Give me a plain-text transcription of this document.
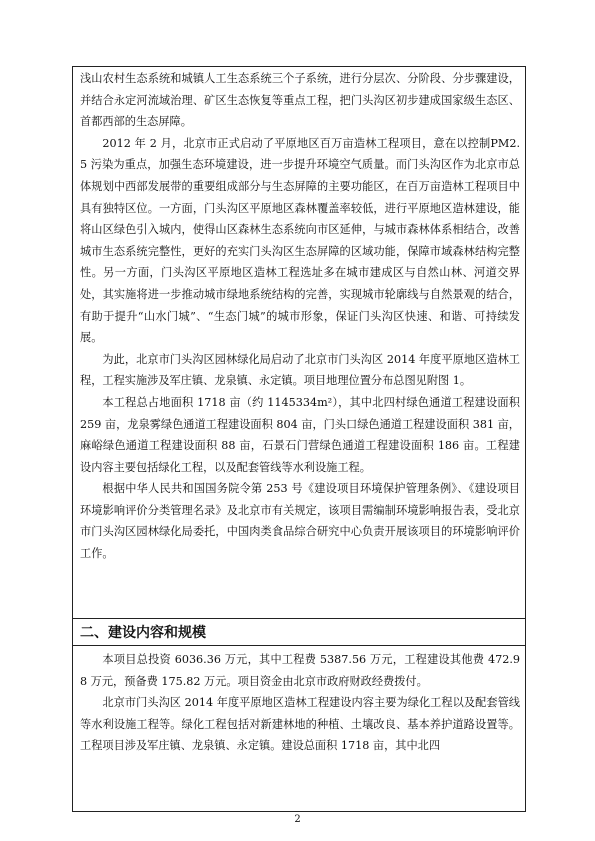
浅山农村生态系统和城镇人工生态系统三个子系统，进行分层次、分阶段、分步骤建设，并结合永定河流域治理、矿区生态恢复等重点工程，把门头沟区初步建成国家级生态区、首都西部的生态屏障。

2012 年 2 月，北京市正式启动了平原地区百万亩造林工程项目，意在以控制PM2.5 污染为重点，加强生态环境建设，进一步提升环境空气质量。而门头沟区作为北京市总体规划中西部发展带的重要组成部分与生态屏障的主要功能区，在百万亩造林工程项目中具有独特区位。一方面，门头沟区平原地区森林覆盖率较低，进行平原地区造林建设，能将山区绿色引入城内，使得山区森林生态系统向市区延伸，与城市森林体系相结合，改善城市生态系统完整性，更好的充实门头沟区生态屏障的区域功能，保障市域森林结构完整性。另一方面，门头沟区平原地区造林工程选址多在城市建成区与自然山林、河道交界处，其实施将进一步推动城市绿地系统结构的完善，实现城市轮廓线与自然景观的结合，有助于提升“山水门城”、“生态门城”的城市形象，保证门头沟区快速、和谐、可持续发展。

为此，北京市门头沟区园林绿化局启动了北京市门头沟区 2014 年度平原地区造林工程，工程实施涉及军庄镇、龙泉镇、永定镇。项目地理位置分布总图见附图 1。

本工程总占地面积 1718 亩（约 1145334m²），其中北四村绿色通道工程建设面积 259 亩，龙泉雾绿色通道工程建设面积 804 亩，门头口绿色通道工程建设面积 381 亩，麻峪绿色通道工程建设面积 88 亩，石景石门营绿色通道工程建设面积 186 亩。工程建设内容主要包括绿化工程，以及配套管线等水利设施工程。

根据中华人民共和国国务院令第 253 号《建设项目环境保护管理条例》、《建设项目环境影响评价分类管理名录》及北京市有关规定，该项目需编制环境影响报告表，受北京市门头沟区园林绿化局委托，中国肉类食品综合研究中心负责开展该项目的环境影响评价工作。

二、建设内容和规模

本项目总投资 6036.36 万元，其中工程费 5387.56 万元，工程建设其他费 472.98 万元，预备费 175.82 万元。项目资金由北京市政府财政经费拨付。

北京市门头沟区 2014 年度平原地区造林工程建设内容主要为绿化工程以及配套管线等水利设施工程等。绿化工程包括对新建林地的种植、土壤改良、基本养护道路设置等。工程项目涉及军庄镇、龙泉镇、永定镇。建设总面积 1718 亩，其中北四

2
